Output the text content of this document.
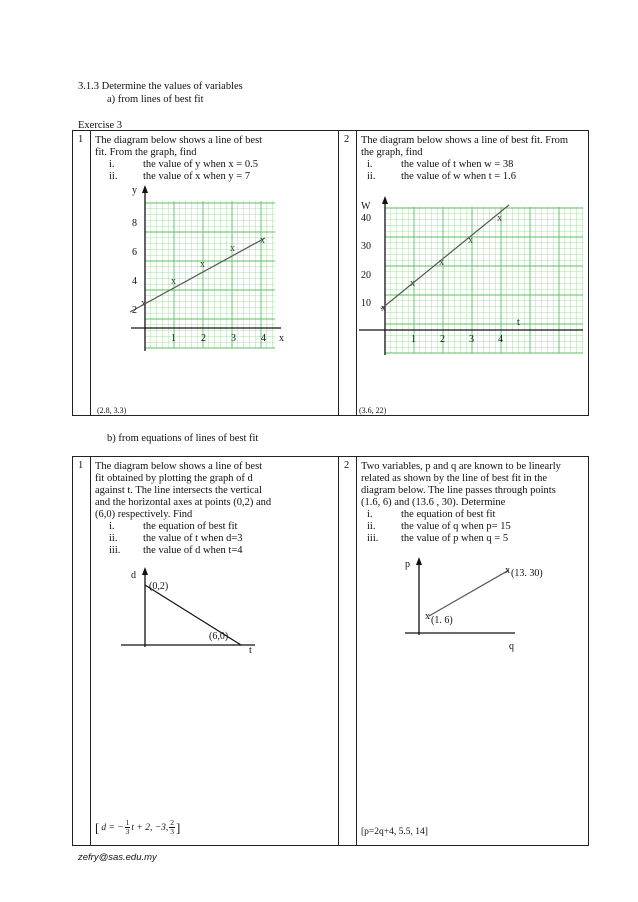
3.1.3 Determine the values of variables
a) from lines of best fit
Exercise 3
1	The diagram below shows a line of best
fit. From the graph, find
i.	the value of y when x = 0.5
ii. the value of x when y = 7
x
x
x
x
x
y
x
2
4
6
8
1	2	3	4
(2.8, 3.3)
	2	The diagram below shows a line of best fit. From
the graph, find
i.	the value of t when w = 38
ii. the value of w when t = 1.6
x
x
x
x
x
W
t
10
20
30
40
1 2 3 4
(3.6, 22)
b) from equations of lines of best fit
1	The diagram below shows a line of best
fit obtained by plotting the graph of d
against t. The line intersects the vertical
and the horizontal axes at points (0,2) and
(6,0) respectively. Find
i.	the equation of best fit
ii. the value of t when d=3
iii. the value of d when t=4
d
t
(0,2)
(6,0)
[ d = − $\frac{1}{3}$ t + 2, −3, $\frac{2}{3}$ ]
	2	Two variables, p and q are known to be linearly
related as shown by the line of best fit in the
diagram below. The line passes through points
(1.6, 6) and (13.6 , 30). Determine
i.	the equation of best fit
ii. the value of q when p= 15
iii. the value of p when q = 5
x
x
p
q
(1. 6)
(13. 30)
[p=2q+4, 5.5, 14]
zefry@sas.edu.my
